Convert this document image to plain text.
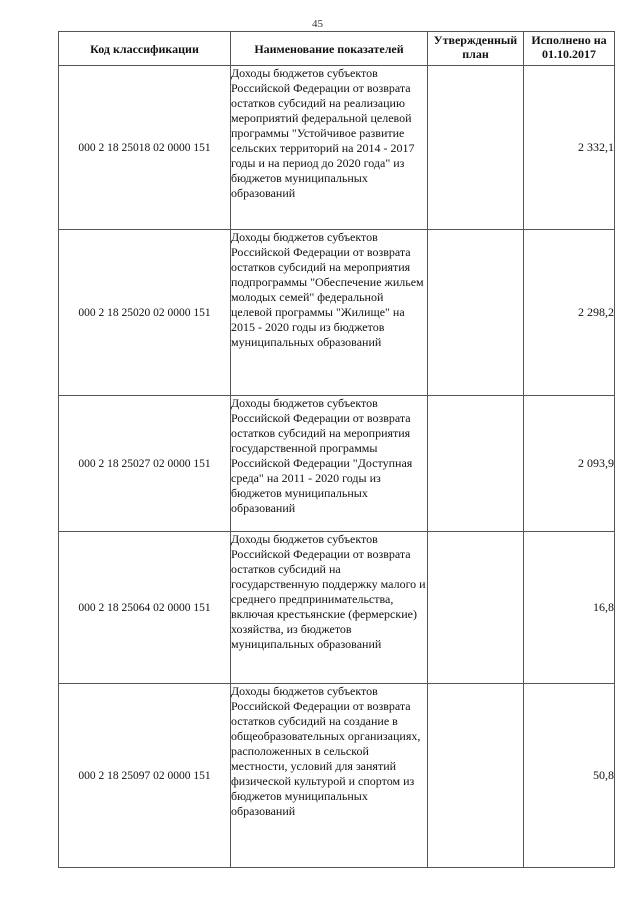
45
Код классификации	Наименование показателей	Утвержденный план	Исполнено на 01.10.2017
000 2 18 25018 02 0000 151	Доходы бюджетов субъектов Российской Федерации от возврата остатков субсидий на реализацию мероприятий федеральной целевой программы "Устойчивое развитие сельских территорий на 2014 - 2017 годы и на период до 2020 года" из бюджетов муниципальных образований		2 332,1
000 2 18 25020 02 0000 151	Доходы бюджетов субъектов Российской Федерации от возврата остатков субсидий на мероприятия подпрограммы "Обеспечение жильем молодых семей" федеральной целевой программы "Жилище" на 2015 - 2020 годы из бюджетов муниципальных образований		2 298,2
000 2 18 25027 02 0000 151	Доходы бюджетов субъектов Российской Федерации от возврата остатков субсидий на мероприятия государственной программы Российской Федерации "Доступная среда" на 2011 - 2020 годы из бюджетов муниципальных образований		2 093,9
000 2 18 25064 02 0000 151	Доходы бюджетов субъектов Российской Федерации от возврата остатков субсидий на государственную поддержку малого и среднего предпринимательства, включая крестьянские (фермерские) хозяйства, из бюджетов муниципальных образований		16,8
000 2 18 25097 02 0000 151	Доходы бюджетов субъектов Российской Федерации от возврата остатков субсидий на создание в общеобразовательных организациях, расположенных в сельской местности, условий для занятий физической культурой и спортом из бюджетов муниципальных образований		50,8
